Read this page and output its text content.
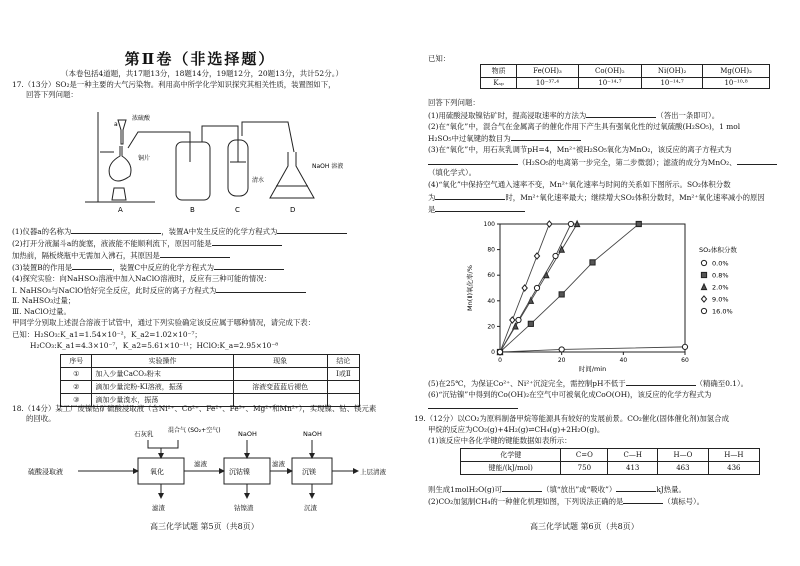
第Ⅱ卷（非选择题）
（本卷包括4道题，共17题13分，18题14分，19题12分，20题13分，共计52分。）
17.（13分）SO₂是一种主要的大气污染物。利用高中所学化学知识探究其相关性质，装置图如下，
回答下列问题：
浓硫酸
a
铜片
A	B	C
清水
NaOH 溶液
D
(1)仪器a的名称为	，装置A中发生反应的化学方程式为
(2)打开分液漏斗a的旋塞，液液能不能顺利流下，原因可能是
加热前，隔板烧瓶中无需加入沸石，其原因是
(3)装置B的作用是	，装置C中反应的化学方程式为
(4)探究实验：向NaHSO₃溶液中加入NaClO溶液时，反应有三种可能的情况：
Ⅰ. NaHSO₃与NaClO恰好完全反应，此时反应的离子方程式为
Ⅱ. NaHSO₃过量；
Ⅲ. NaClO过量。
甲同学分别取上述混合溶液于试管中，通过下列实验确定该反应属于哪种情况，请完成下表：
已知：H₂SO₃:K_a1=1.54×10⁻²，K_a2=1.02×10⁻⁷；
H₂CO₃:K_a1=4.3×10⁻⁷，K_a2=5.61×10⁻¹¹；HClO:K_a=2.95×10⁻⁸
序号	实验操作	现象	结论
①	加入少量CaCO₃粉末		Ⅰ或Ⅱ
②	滴加少量淀粉-KI溶液，振荡	溶液变蓝蓝后褪色	
③	滴加少量溴水，振荡		
18.（14分）某工厂废镍钴矿硫酸浸取液（含Ni²⁺、Co²⁺、Fe²⁺、Fe³⁺、Mg²⁺和Mn²⁺），实现镍、钴、镁元素
的回收。
硫酸浸取液	氧化	沉钴镍	沉镁
石灰乳 混合气 (SO₂+空气)	NaOH	NaOH
滤液	滤液
滤渣	钴镍渣	沉渣
上层清液
高三化学试题 第5页（共8页）
已知：
物质	Fe(OH)₃	Co(OH)₂	Ni(OH)₂	Mg(OH)₂
Kₛₚ	10⁻³⁷·⁴	10⁻¹⁴·⁷	10⁻¹⁴·⁷	10⁻¹⁰·⁸
回答下列问题：
(1)用硫酸浸取镍钴矿时，提高浸取速率的方法为	（答出一条即可）。
(2)在“氧化”中，混合气在金属离子的催化作用下产生具有强氧化性的过氧硫酸(H₂SO₅)，1 mol
H₂SO₅中过氧键的数目为
(3)在“氧化”中，用石灰乳调节pH=4，Mn²⁺被H₂SO₅氧化为MnO₂，该反应的离子方程式为
（H₂SO₅的电离第一步完全，第二步微弱）；滤渣的成分为MnO₂、
（填化学式）。
(4)“氧化”中保持空气通入速率不变，Mn²⁺氧化速率与时间的关系如下图所示。SO₂体积分数
为	时，Mn²⁺氧化速率最大；继续增大SO₂体积分数时，Mn²⁺氧化速率减小的原因
是
0
20
40
60
80
100
0	20	40	60
时间/min
Mn(Ⅱ)氧化率/%
SO₂体积分数
0.0%
0.8%
2.0%
9.0%
16.0%
(5)在25℃，为保证Co²⁺、Ni²⁺沉淀完全，需控制pH不低于	（精确至0.1）。
(6)“沉钴镍”中得到的Co(OH)₂在空气中可被氧化成CoO(OH)，该反应的化学方程式为
19.（12分）以CO₂为原料制备甲烷等能源具有较好的发展前景。CO₂催化(固体催化剂)加氢合成
甲烷的反应为CO₂(g)+4H₂(g)⇌CH₄(g)+2H₂O(g)。
(1)该反应中各化学键的键能数据如表所示：
化学键	C=O	C—H	H—O	H—H
键能/(kJ/mol)	750	413	463	436
则生成1molH₂O(g)可	（填“放出”或“吸收”）	kJ热量。
(2)CO₂加氢制CH₄的一种催化机理如图，下列说法正确的是	（填标号）。
高三化学试题 第6页（共8页）
